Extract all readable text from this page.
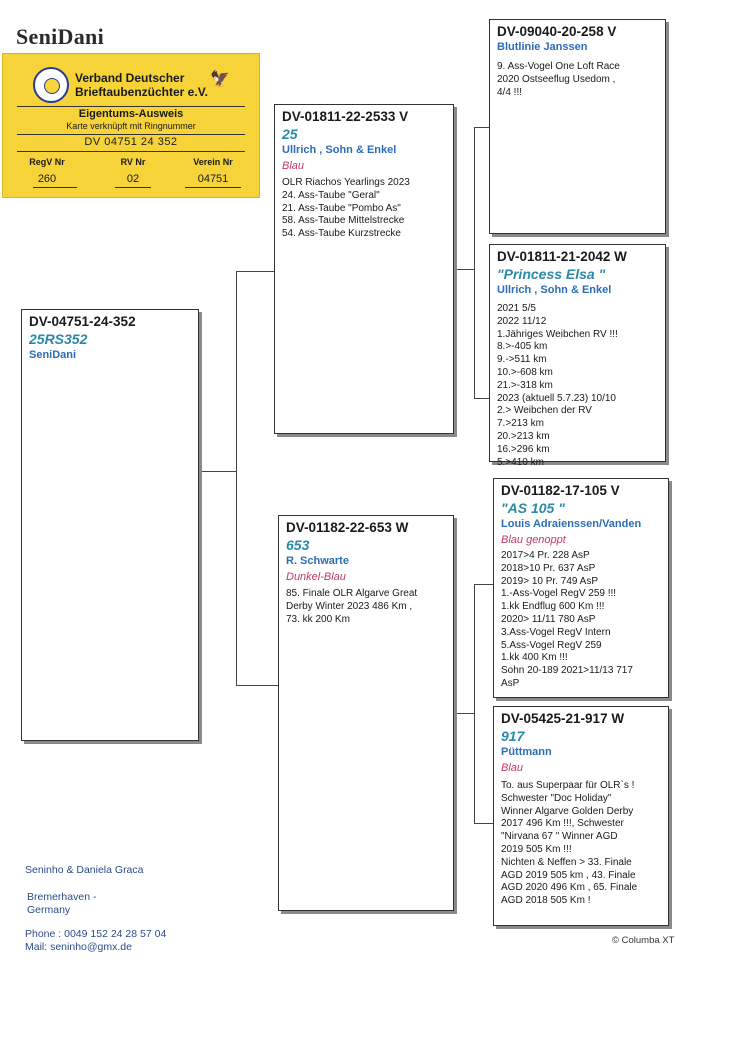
SeniDani
Verband Deutscher
Brieftaubenzüchter e.V.
🦅
Eigentums-Ausweis
Karte verknüpft mit Ringnummer
DV 04751 24 352
RegV Nr	RV Nr	Verein Nr
260	02	04751
DV-04751-24-352
25RS352
SeniDani
DV-01811-22-2533 V
25
Ullrich , Sohn & Enkel
Blau
OLR Riachos Yearlings 2023
24. Ass-Taube "Geral"
21. Ass-Taube "Pombo As"
58. Ass-Taube Mittelstrecke
54. Ass-Taube Kurzstrecke
DV-01182-22-653 W
653
R. Schwarte
Dunkel-Blau
85. Finale OLR Algarve Great
Derby Winter 2023 486 Km ,
73. kk 200 Km
DV-09040-20-258 V
Blutlinie Janssen
9. Ass-Vogel One Loft Race
2020 Ostseeflug Usedom ,
4/4 !!!
DV-01811-21-2042 W
"Princess Elsa "
Ullrich , Sohn & Enkel
2021 5/5
2022 11/12
1.Jähriges Weibchen RV !!!
8.>-405 km
9.->511 km
10.>-608 km
21.>-318 km
2023 (aktuell 5.7.23) 10/10
2.> Weibchen der RV
7.>213 km
20.>213 km
16.>296 km
5.>410 km
DV-01182-17-105 V
"AS 105 "
Louis Adraienssen/Vanden
Blau genoppt
2017>4 Pr. 228 AsP
2018>10 Pr. 637 AsP
2019> 10 Pr. 749 AsP
1.-Ass-Vogel RegV 259 !!!
1.kk Endflug 600 Km !!!
2020> 11/11 780 AsP
3.Ass-Vogel RegV Intern
5.Ass-Vogel RegV 259
1.kk 400 Km !!!
Sohn 20-189 2021>11/13 717
AsP
DV-05425-21-917 W
917
Püttmann
Blau
To. aus Superpaar für OLR`s !
Schwester "Doc Holiday"
Winner Algarve Golden Derby
2017 496 Km !!!, Schwester
"Nirvana 67 " Winner AGD
2019 505 Km !!!
Nichten & Neffen > 33. Finale
AGD 2019 505 km , 43. Finale
AGD 2020 496 Km , 65. Finale
AGD 2018 505 Km !
Seninho & Daniela Graca
Bremerhaven -
Germany
Phone : 0049 152 24 28 57 04
Mail: seninho@gmx.de
© Columba XT
